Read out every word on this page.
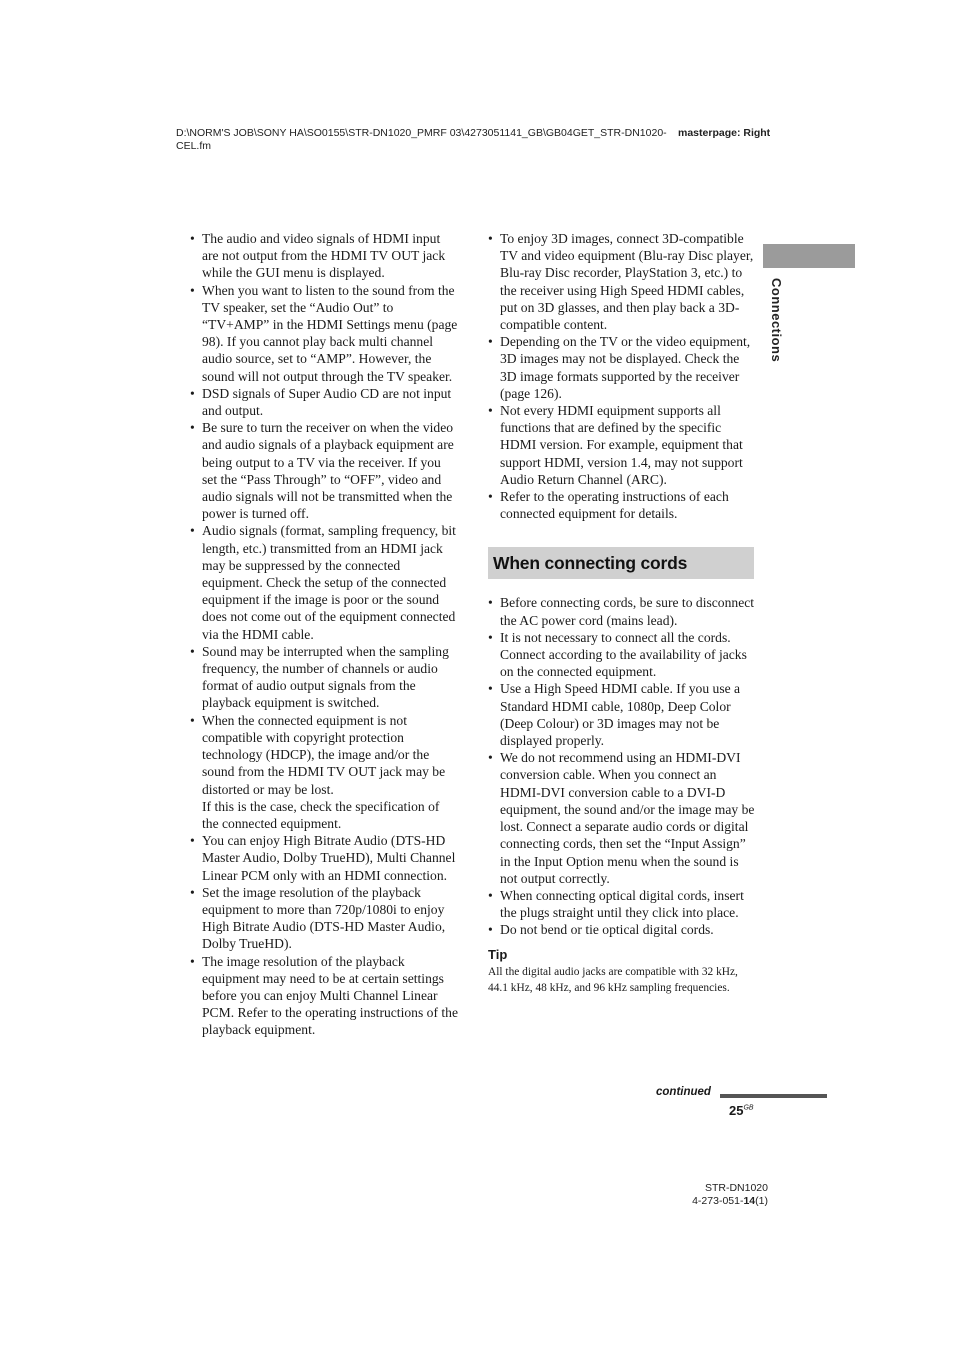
D:\NORM'S JOB\SONY HA\SO0155\STR-DN1020_PMRF 03\4273051141_GB\GB04GET_STR-DN1020-CEL.fm
masterpage: Right
Connections
• The audio and video signals of HDMI input are not output from the HDMI TV OUT jack while the GUI menu is displayed.
• When you want to listen to the sound from the TV speaker, set the “Audio Out” to “TV+AMP” in the HDMI Settings menu (page 98). If you cannot play back multi channel audio source, set to “AMP”. However, the sound will not output through the TV speaker.
• DSD signals of Super Audio CD are not input and output.
• Be sure to turn the receiver on when the video and audio signals of a playback equipment are being output to a TV via the receiver. If you set the “Pass Through” to “OFF”, video and audio signals will not be transmitted when the power is turned off.
• Audio signals (format, sampling frequency, bit length, etc.) transmitted from an HDMI jack may be suppressed by the connected equipment. Check the setup of the connected equipment if the image is poor or the sound does not come out of the equipment connected via the HDMI cable.
• Sound may be interrupted when the sampling frequency, the number of channels or audio format of audio output signals from the playback equipment is switched.
• When the connected equipment is not compatible with copyright protection technology (HDCP), the image and/or the sound from the HDMI TV OUT jack may be distorted or may be lost.
If this is the case, check the specification of the connected equipment.
• You can enjoy High Bitrate Audio (DTS-HD Master Audio, Dolby TrueHD), Multi Channel Linear PCM only with an HDMI connection.
• Set the image resolution of the playback equipment to more than 720p/1080i to enjoy High Bitrate Audio (DTS-HD Master Audio, Dolby TrueHD).
• The image resolution of the playback equipment may need to be at certain settings before you can enjoy Multi Channel Linear PCM. Refer to the operating instructions of the playback equipment.
• To enjoy 3D images, connect 3D-compatible TV and video equipment (Blu-ray Disc player, Blu-ray Disc recorder, PlayStation 3, etc.) to the receiver using High Speed HDMI cables, put on 3D glasses, and then play back a 3D-compatible content.
• Depending on the TV or the video equipment, 3D images may not be displayed. Check the 3D image formats supported by the receiver (page 126).
• Not every HDMI equipment supports all functions that are defined by the specific HDMI version. For example, equipment that support HDMI, version 1.4, may not support Audio Return Channel (ARC).
• Refer to the operating instructions of each connected equipment for details.
When connecting cords
• Before connecting cords, be sure to disconnect the AC power cord (mains lead).
• It is not necessary to connect all the cords. Connect according to the availability of jacks on the connected equipment.
• Use a High Speed HDMI cable. If you use a Standard HDMI cable, 1080p, Deep Color (Deep Colour) or 3D images may not be displayed properly.
• We do not recommend using an HDMI-DVI conversion cable. When you connect an HDMI-DVI conversion cable to a DVI-D equipment, the sound and/or the image may be lost. Connect a separate audio cords or digital connecting cords, then set the “Input Assign” in the Input Option menu when the sound is not output correctly.
• When connecting optical digital cords, insert the plugs straight until they click into place.
• Do not bend or tie optical digital cords.
Tip
All the digital audio jacks are compatible with 32 kHz, 44.1 kHz, 48 kHz, and 96 kHz sampling frequencies.
continued
$25^{GB}$
STR-DN1020
4-273-051-14(1)
